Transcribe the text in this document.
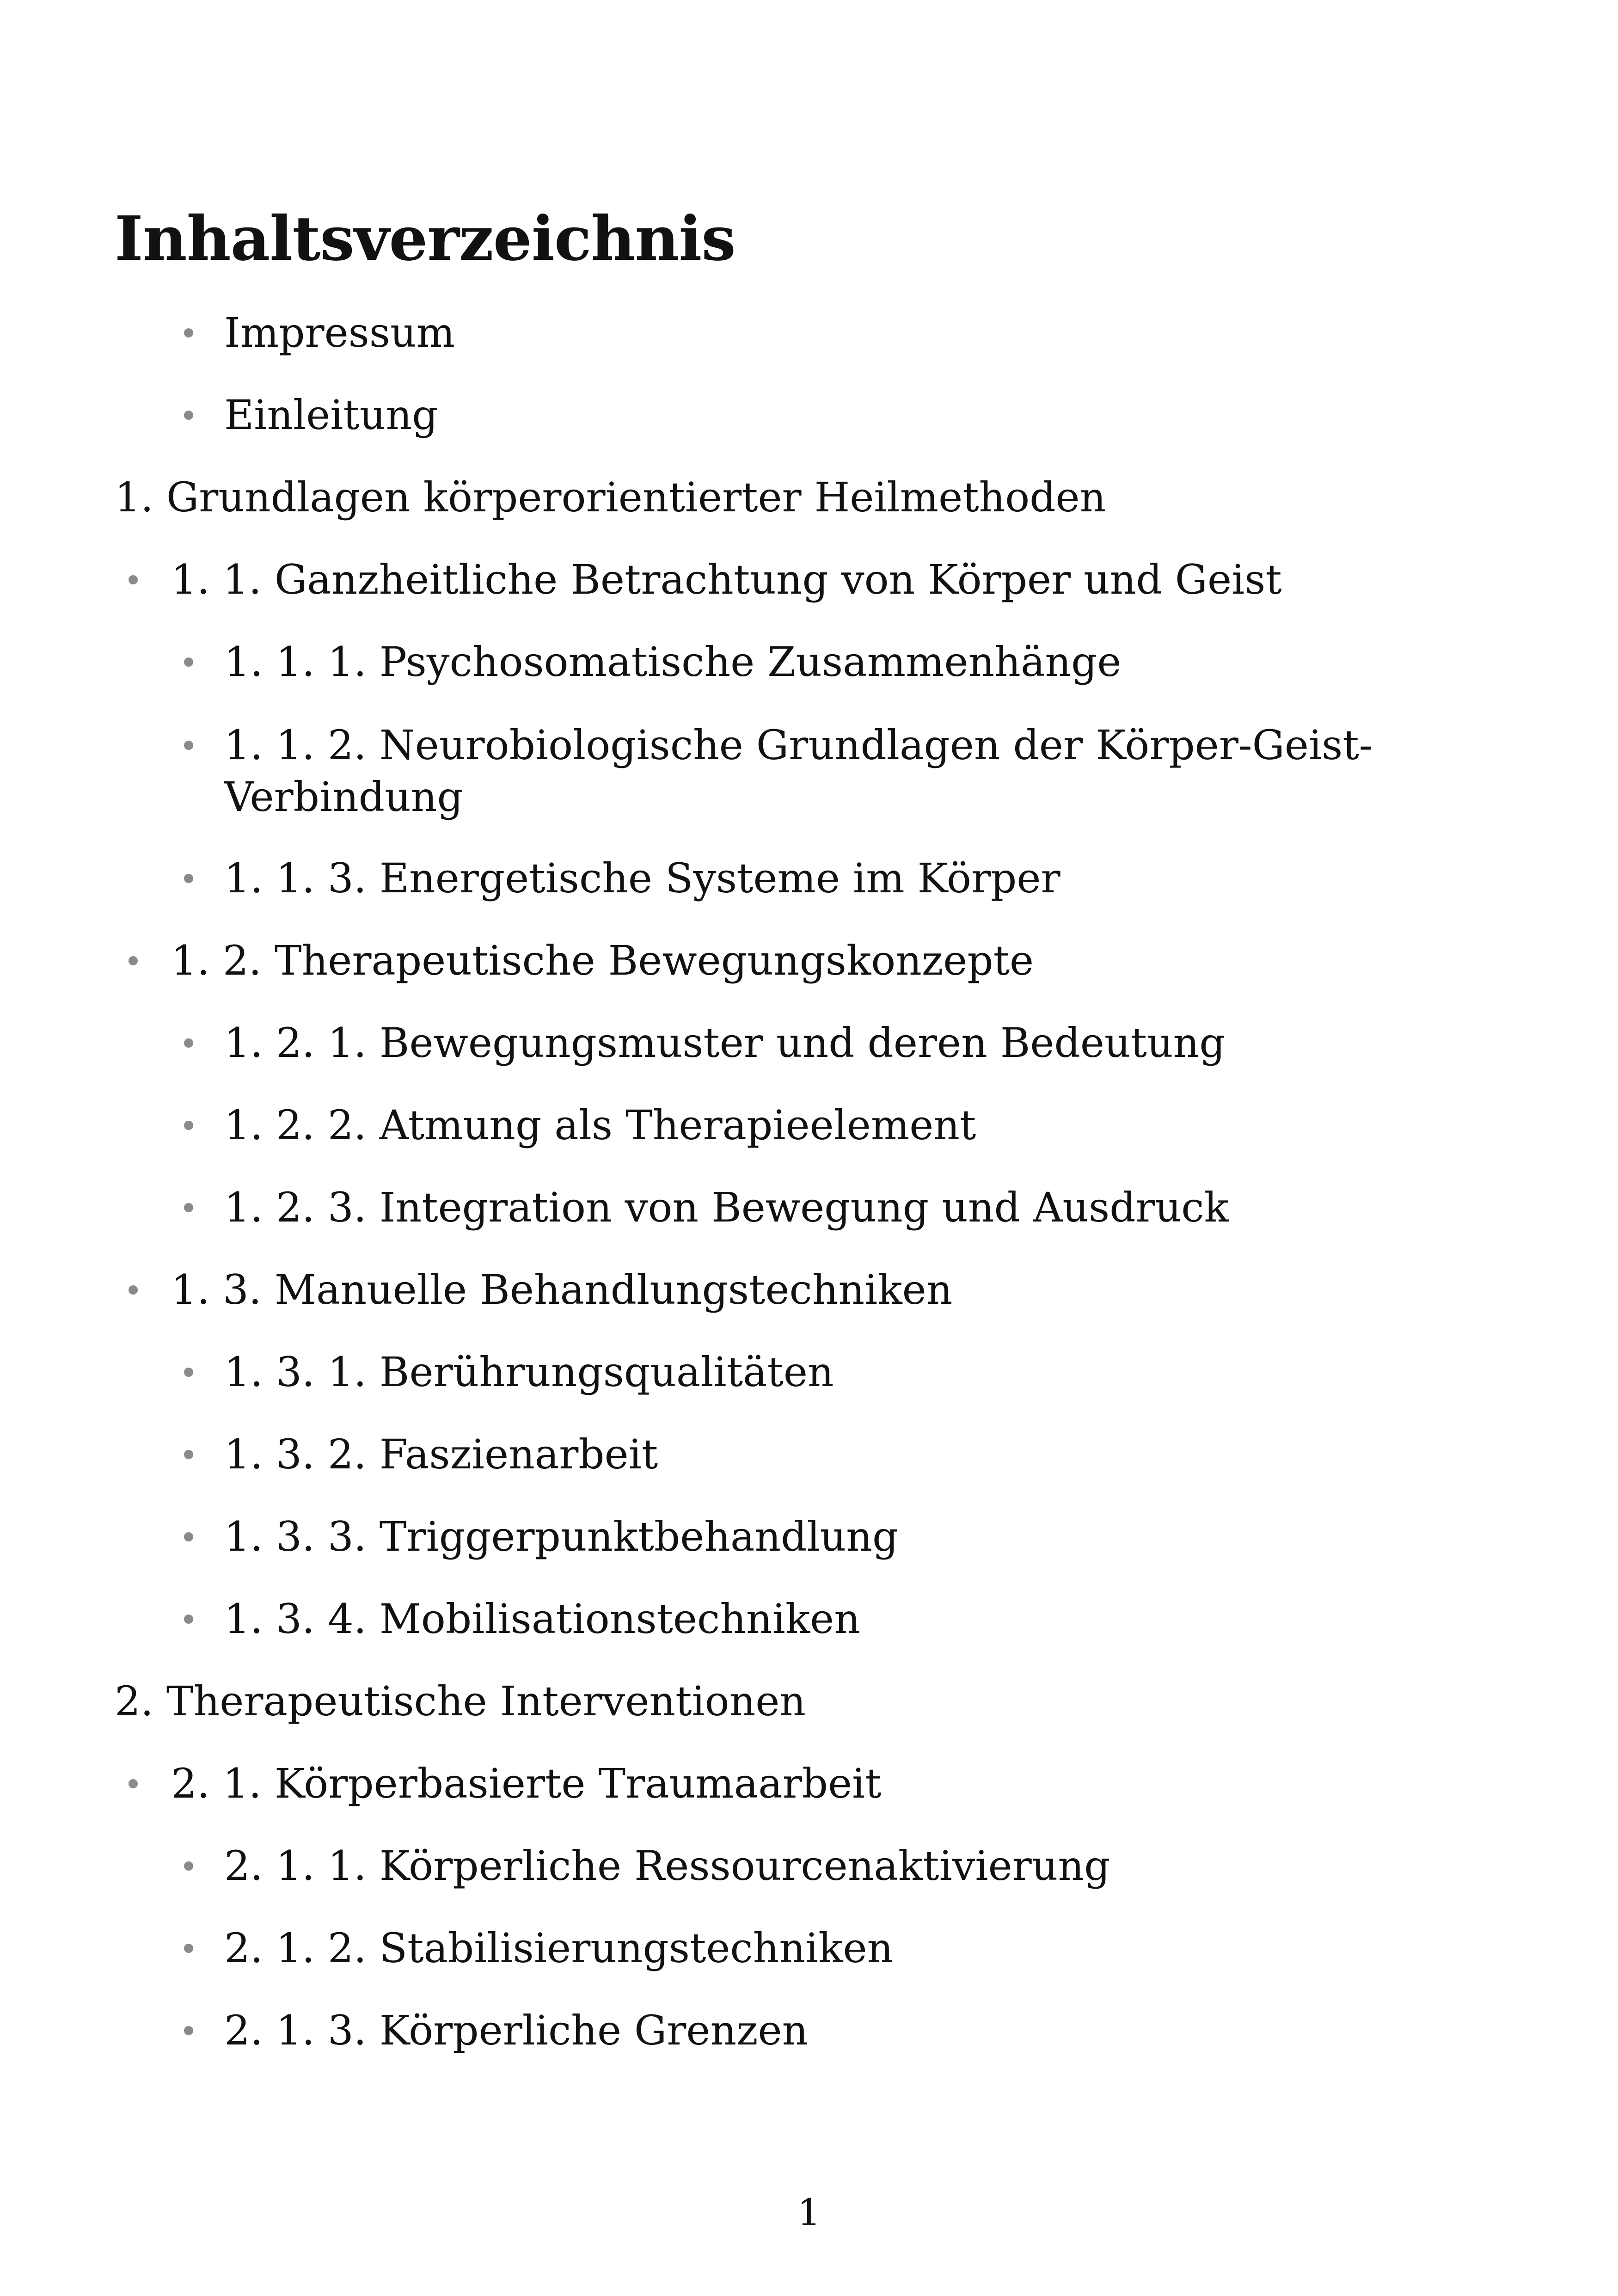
Inhaltsverzeichnis
Impressum
Einleitung
1. Grundlagen körperorientierter Heilmethoden
1. 1. Ganzheitliche Betrachtung von Körper und Geist
1. 1. 1. Psychosomatische Zusammenhänge
1. 1. 2. Neurobiologische Grundlagen der Körper-Geist-Verbindung
1. 1. 3. Energetische Systeme im Körper
1. 2. Therapeutische Bewegungskonzepte
1. 2. 1. Bewegungsmuster und deren Bedeutung
1. 2. 2. Atmung als Therapieelement
1. 2. 3. Integration von Bewegung und Ausdruck
1. 3. Manuelle Behandlungstechniken
1. 3. 1. Berührungsqualitäten
1. 3. 2. Faszienarbeit
1. 3. 3. Triggerpunktbehandlung
1. 3. 4. Mobilisationstechniken
2. Therapeutische Interventionen
2. 1. Körperbasierte Traumaarbeit
2. 1. 1. Körperliche Ressourcenaktivierung
2. 1. 2. Stabilisierungstechniken
2. 1. 3. Körperliche Grenzen
1
